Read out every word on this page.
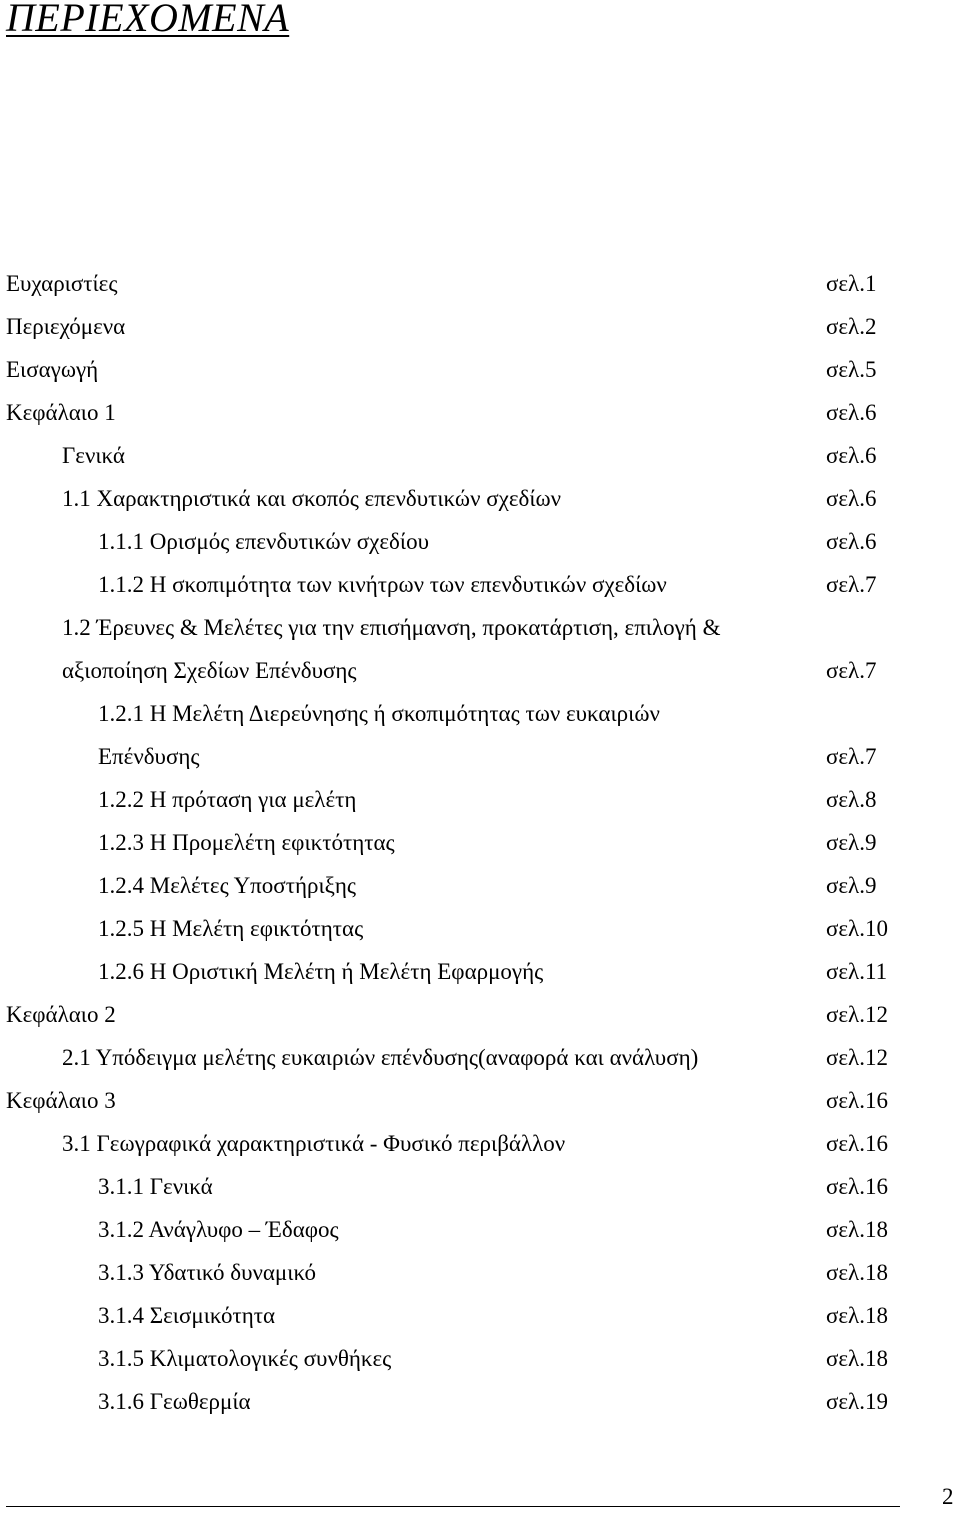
ΠΕΡΙΕΧΟΜΕΝΑ
Ευχαριστίες	σελ.1
Περιεχόμενα	σελ.2
Εισαγωγή	σελ.5
Κεφάλαιο 1	σελ.6
Γενικά	σελ.6
1.1 Χαρακτηριστικά και σκοπός επενδυτικών σχεδίων	σελ.6
1.1.1 Ορισμός επενδυτικών σχεδίου	σελ.6
1.1.2 Η σκοπιμότητα των κινήτρων των επενδυτικών σχεδίων	σελ.7
1.2 Έρευνες & Μελέτες για την επισήμανση, προκατάρτιση, επιλογή &
αξιοποίηση Σχεδίων Επένδυσης	σελ.7
1.2.1 Η Μελέτη Διερεύνησης ή σκοπιμότητας των ευκαιριών
Επένδυσης	σελ.7
1.2.2 Η πρόταση για μελέτη	σελ.8
1.2.3 Η Προμελέτη εφικτότητας	σελ.9
1.2.4 Μελέτες Υποστήριξης	σελ.9
1.2.5 Η Μελέτη εφικτότητας	σελ.10
1.2.6 Η Οριστική Μελέτη ή Μελέτη Εφαρμογής	σελ.11
Κεφάλαιο 2	σελ.12
2.1 Υπόδειγμα μελέτης ευκαιριών επένδυσης(αναφορά και ανάλυση)	σελ.12
Κεφάλαιο 3	σελ.16
3.1 Γεωγραφικά χαρακτηριστικά - Φυσικό περιβάλλον	σελ.16
3.1.1 Γενικά	σελ.16
3.1.2 Ανάγλυφο – Έδαφος	σελ.18
3.1.3 Υδατικό δυναμικό	σελ.18
3.1.4 Σεισμικότητα	σελ.18
3.1.5 Κλιματολογικές συνθήκες	σελ.18
3.1.6 Γεωθερμία	σελ.19
2
